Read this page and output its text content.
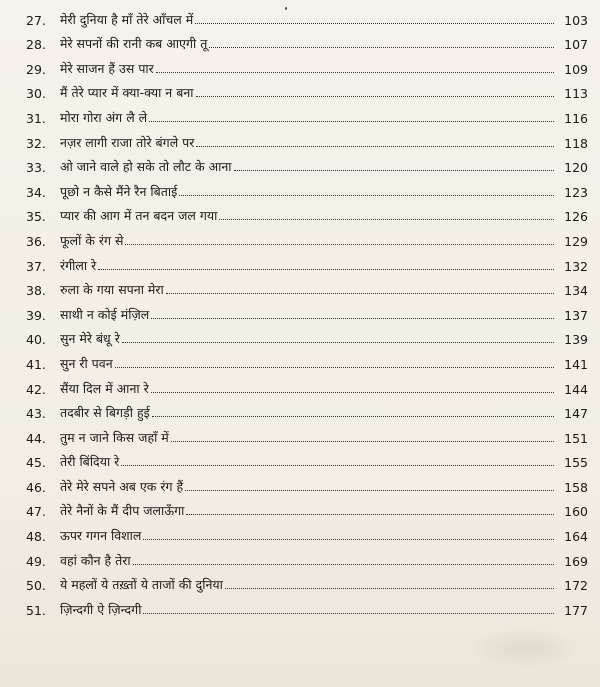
27.	मेरी दुनिया है माँ तेरे आँचल में	103
28.	मेरे सपनों की रानी कब आएगी तू	107
29.	मेरे साजन हैं उस पार	109
30.	मैं तेरे प्यार में क्या-क्या न बना	113
31.	मोरा गोरा अंग लै ले	116
32.	नज़र लागी राजा तोरे बंगले पर	118
33.	ओ जाने वाले हो सके तो लौट के आना	120
34.	पूछो न कैसे मैंने रैन बिताई	123
35.	प्यार की आग में तन बदन जल गया	126
36.	फूलों के रंग से	129
37.	रंगीला रे	132
38.	रुला के गया सपना मेरा	134
39.	साथी न कोई मंज़िल	137
40.	सुन मेरे बंधू रे	139
41.	सुन री पवन	141
42.	सैंया दिल में आना रे	144
43.	तदबीर से बिगड़ी हुई	147
44.	तुम न जाने किस जहाँ में	151
45.	तेरी बिंदिया रे	155
46.	तेरे मेरे सपने अब एक रंग हैं	158
47.	तेरे नैनों के मैं दीप जलाऊँगा	160
48.	ऊपर गगन विशाल	164
49.	वहां कौन है तेरा	169
50.	ये महलों ये तख़्तों ये ताजों की दुनिया	172
51.	ज़िन्दगी ऐ ज़िन्दगी	177
